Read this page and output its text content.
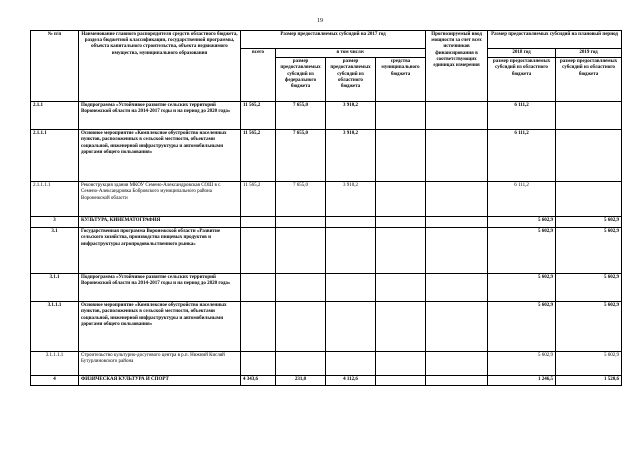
19
№ п/п	Наименование главного распорядителя средств областного бюджета, раздела бюджетной классификации, государственной программы, объекта капитального строительства, объекта недвижимого имущества, муниципального образования	Размер предоставляемых субсидий на 2017 год				Прогнозируемый ввод мощности за счет всех источников финансирования в соответствующих единицах измерения	Размер предоставляемых субсидий на плановый период	
		всего	в том числе:				2018 год	2019 год
			размер предоставляемых субсидий из федерального бюджета	размер предоставляемых субсидий из областного бюджета	средства муниципального бюджета		размер предоставляемых субсидий из областного бюджета	размер предоставляемых субсидий из областного бюджета
2.1.1	Подпрограмма «Устойчивое развитие сельских территорий Воронежской области на 2014-2017 годы и на период до 2020 года»	11 565,2	7 655,0	3 910,2			6 111,2	
2.1.1.1	Основное мероприятие «Комплексное обустройство населенных пунктов, расположенных в сельской местности, объектами социальной, инженерной инфраструктуры и автомобильными дорогами общего пользования»	11 565,2	7 655,0	3 910,2			6 111,2	
2.1.1.1.1	Реконструкция здания МКОУ Семено-Александровская СОШ в с. Семено-Александровка Бобровского муниципального района Воронежской области	11 565,2	7 655,0	3 910,2			6 111,2	
3	КУЛЬТУРА, КИНЕМАТОГРАФИЯ						5 602,9	5 602,9
3.1	Государственная программа Воронежской области «Развитие сельского хозяйства, производства пищевых продуктов и инфраструктуры агропродовольственного рынка»						5 602,9	5 602,9
3.1.1	Подпрограмма «Устойчивое развитие сельских территорий Воронежской области на 2014-2017 годы и на период до 2020 года»						5 602,9	5 602,9
3.1.1.1	Основное мероприятие «Комплексное обустройство населенных пунктов, расположенных в сельской местности, объектами социальной, инженерной инфраструктуры и автомобильными дорогами общего пользования»						5 602,9	5 602,9
3.1.1.1.1	Строительство культурно-досугового центра в р.п. Нижний Кисляй Бутурлиновского района						5 602,9	5 602,9
4	ФИЗИЧЕСКАЯ КУЛЬТУРА И СПОРТ	4 343,6	231,0	4 112,6			1 246,5	1 520,6
